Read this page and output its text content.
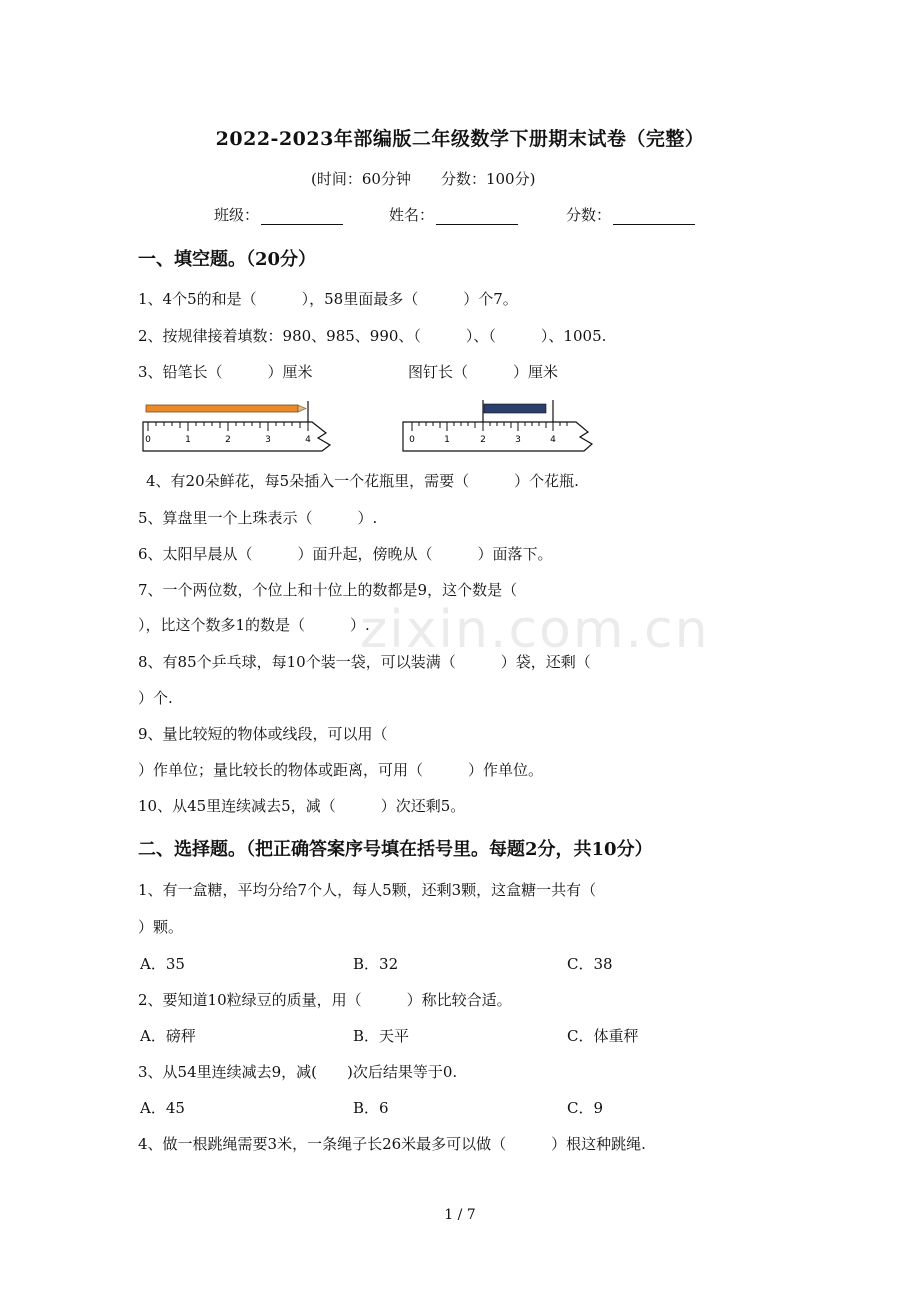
2022-2023年部编版二年级数学下册期末试卷（完整）
(时间：60分钟 分数：100分)
班级：	姓名：	分数：
一、填空题。（20分）
1、4个5的和是（　　　），58里面最多（　　　）个7。
2、按规律接着填数：980、985、990、（　　　）、（　　　）、1005.
3、铅笔长（　　　）厘米	图钉长（　　　）厘米
0	1	2	3	4	0	1	2	3	4
4、有20朵鲜花，每5朵插入一个花瓶里，需要（　　　）个花瓶.
5、算盘里一个上珠表示（　　　）.
6、太阳早晨从（　　　）面升起，傍晚从（　　　）面落下。
7、一个两位数，个位上和十位上的数都是9，这个数是（
），比这个数多1的数是（　　　）.
8、有85个乒乓球，每10个装一袋，可以装满（　　　）袋，还剩（
）个.
9、量比较短的物体或线段，可以用（
）作单位；量比较长的物体或距离，可用（　　　）作单位。
10、从45里连续减去5，减（　　　）次还剩5。
二、选择题。（把正确答案序号填在括号里。每题2分，共10分）
1、有一盒糖，平均分给7个人，每人5颗，还剩3颗，这盒糖一共有（
）颗。
A．35	B．32	C．38
2、要知道10粒绿豆的质量，用（　　　）称比较合适。
A．磅秤	B．天平	C．体重秤
3、从54里连续减去9，减(　　)次后结果等于0.
A．45	B．6	C．9
4、做一根跳绳需要3米，一条绳子长26米最多可以做（　　　）根这种跳绳.
zixin.com.cn
1 / 7
